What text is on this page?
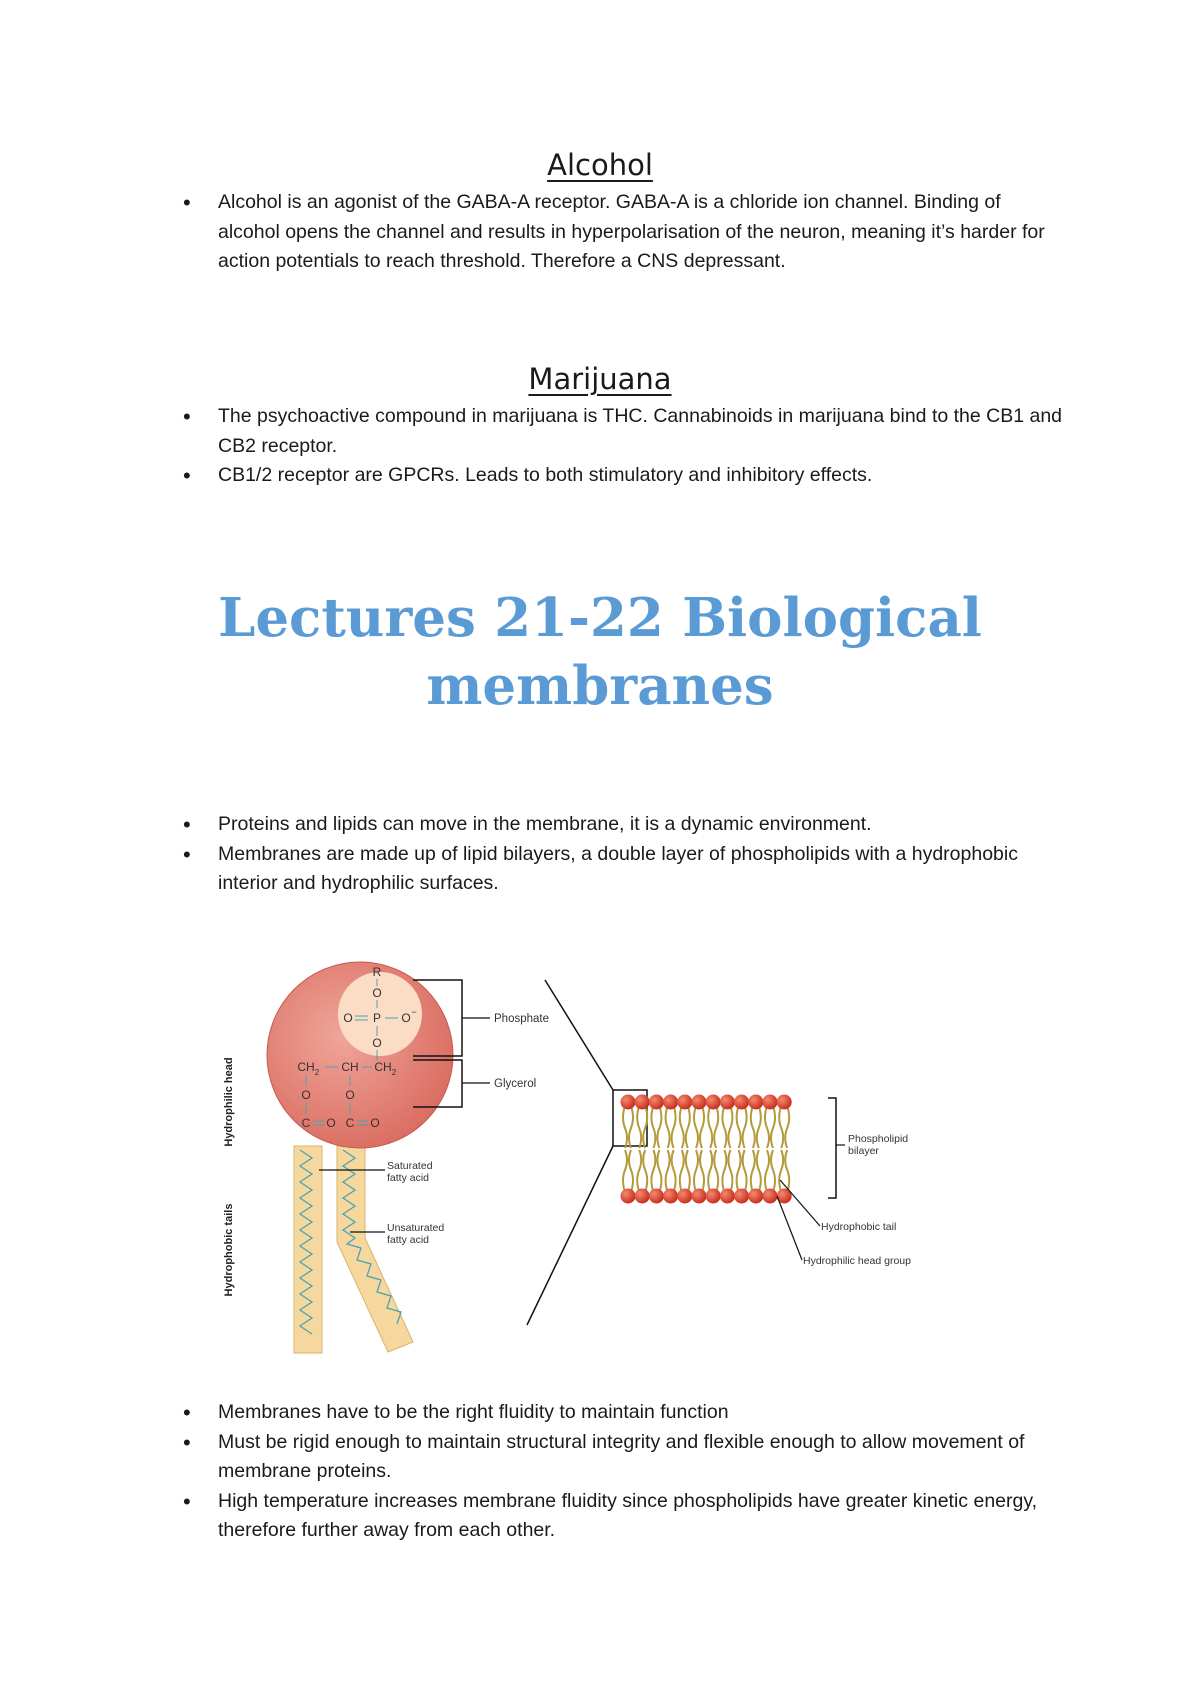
Alcohol
• Alcohol is an agonist of the GABA-A receptor. GABA-A is a chloride ion channel. Binding of alcohol opens the channel and results in hyperpolarisation of the neuron, meaning it’s harder for action potentials to reach threshold. Therefore a CNS depressant.
Marijuana
• The psychoactive compound in marijuana is THC. Cannabinoids in marijuana bind to the CB1 and CB2 receptor.
• CB1/2 receptor are GPCRs. Leads to both stimulatory and inhibitory effects.
Lectures 21-22 Biological
membranes
• Proteins and lipids can move in the membrane, it is a dynamic environment.
• Membranes are made up of lipid bilayers, a double layer of phospholipids with a hydrophobic interior and hydrophilic surfaces.
Hydrophilic head
Hydrophobic tails
R
O
O P O −
O
CH 2 CH CH 2
O	O
C O C O
Phosphate
Glycerol
Saturated
fatty acid
Unsaturated
fatty acid
Phospholipid
bilayer
Hydrophobic tail
Hydrophilic head group
• Membranes have to be the right fluidity to maintain function
• Must be rigid enough to maintain structural integrity and flexible enough to allow movement of membrane proteins.
• High temperature increases membrane fluidity since phospholipids have greater kinetic energy, therefore further away from each other.
